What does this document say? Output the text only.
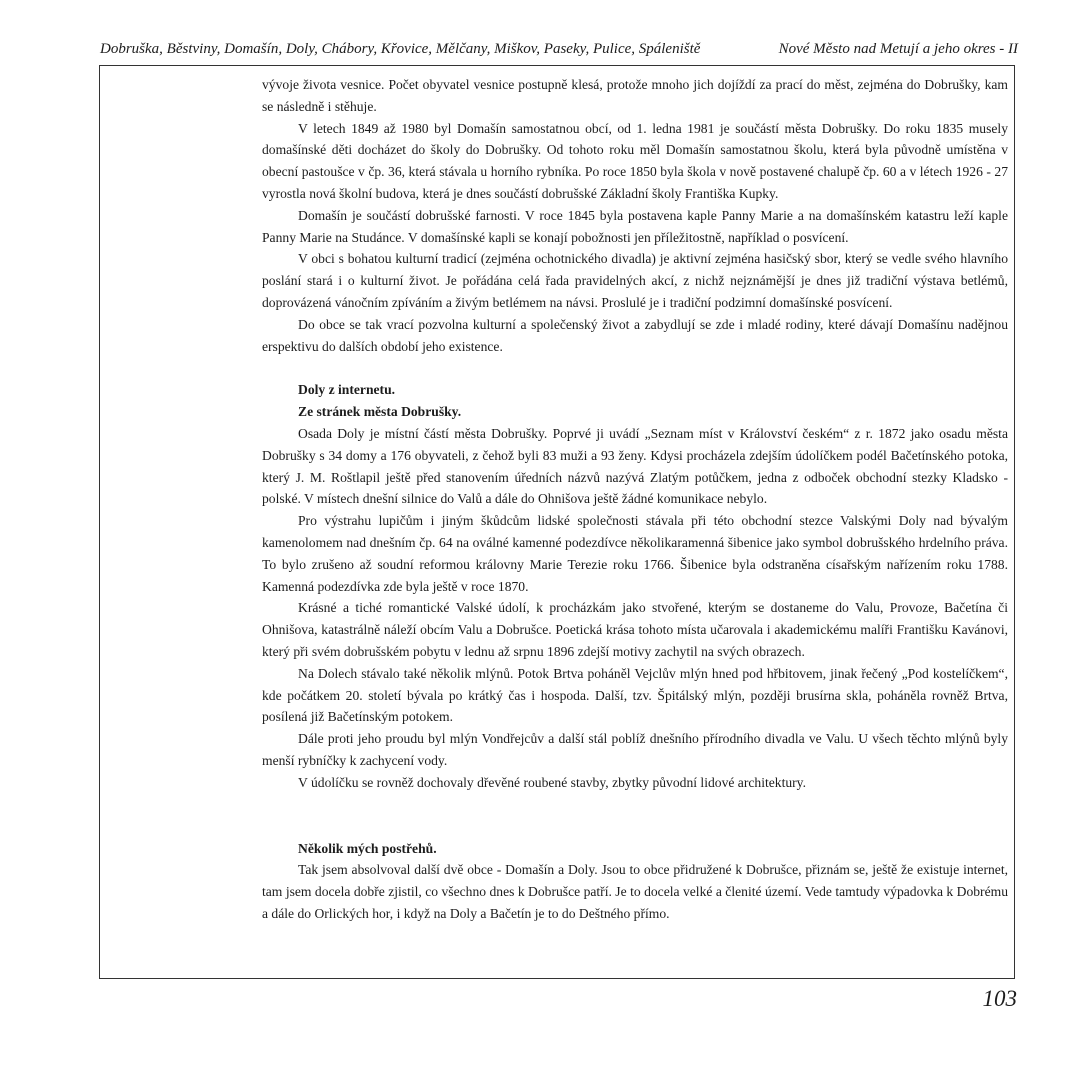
Dobruška, Běstviny, Domašín, Doly, Chábory, Křovice, Mělčany, Miškov, Paseky, Pulice, Spáleniště	Nové Město nad Metují a jeho okres - II

vývoje života vesnice. Počet obyvatel vesnice postupně klesá, protože mnoho jich dojíždí za prací do měst, zejména do Dobrušky, kam se následně i stěhuje.

V letech 1849 až 1980 byl Domašín samostatnou obcí, od 1. ledna 1981 je součástí města Dobrušky. Do roku 1835 musely domašínské děti docházet do školy do Dobrušky. Od tohoto roku měl Domašín samostatnou školu, která byla původně umístěna v obecní pastoušce v čp. 36, která stávala u horního rybníka. Po roce 1850 byla škola v nově postavené chalupě čp. 60 a v létech 1926 - 27 vyrostla nová školní budova, která je dnes součástí dobrušské Základní školy Františka Kupky.

Domašín je součástí dobrušské farnosti. V roce 1845 byla postavena kaple Panny Marie a na domašínském katastru leží kaple Panny Marie na Studánce. V domašínské kapli se konají pobožnosti jen příležitostně, například o posvícení.

V obci s bohatou kulturní tradicí (zejména ochotnického divadla) je aktivní zejména hasičský sbor, který se vedle svého hlavního poslání stará i o kulturní život. Je pořádána celá řada pravidelných akcí, z nichž nejznámější je dnes již tradiční výstava betlémů, doprovázená vánočním zpíváním a živým betlémem na návsi. Proslulé je i tradiční podzimní domašínské posvícení.

Do obce se tak vrací pozvolna kulturní a společenský život a zabydlují se zde i mladé rodiny, které dávají Domašínu nadějnou erspektivu do dalších období jeho existence.

Doly z internetu.
Ze stránek města Dobrušky.

Osada Doly je místní částí města Dobrušky. Poprvé ji uvádí „Seznam míst v Království českém“ z r. 1872 jako osadu města Dobrušky s 34 domy a 176 obyvateli, z čehož byli 83 muži a 93 ženy. Kdysi procházela zdejším údolíčkem podél Bačetínského potoka, který J. M. Roštlapil ještě před stanovením úředních názvů nazývá Zlatým potůčkem, jedna z odboček obchodní stezky Kladsko - polské. V místech dnešní silnice do Valů a dále do Ohnišova ještě žádné komunikace nebylo.

Pro výstrahu lupičům i jiným škůdcům lidské společnosti stávala při této obchodní stezce Valskými Doly nad bývalým kamenolomem nad dnešním čp. 64 na oválné kamenné podezdívce několikaramenná šibenice jako symbol dobrušského hrdelního práva. To bylo zrušeno až soudní reformou královny Marie Terezie roku 1766. Šibenice byla odstraněna císařským nařízením roku 1788. Kamenná podezdívka zde byla ještě v roce 1870.

Krásné a tiché romantické Valské údolí, k procházkám jako stvořené, kterým se dostaneme do Valu, Provoze, Bačetína či Ohnišova, katastrálně náleží obcím Valu a Dobrušce. Poetická krása tohoto místa učarovala i akademickému malíři Františku Kavánovi, který při svém dobrušském pobytu v lednu až srpnu 1896 zdejší motivy zachytil na svých obrazech.

Na Dolech stávalo také několik mlýnů. Potok Brtva poháněl Vejclův mlýn hned pod hřbitovem, jinak řečený „Pod kostelíčkem“, kde počátkem 20. století bývala po krátký čas i hospoda. Další, tzv. Špitálský mlýn, později brusírna skla, poháněla rovněž Brtva, posílená již Bačetínským potokem.

Dále proti jeho proudu byl mlýn Vondřejcův a další stál poblíž dnešního přírodního divadla ve Valu. U všech těchto mlýnů byly menší rybníčky k zachycení vody.

V údolíčku se rovněž dochovaly dřevěné roubené stavby, zbytky původní lidové architektury.

Několik mých postřehů.

Tak jsem absolvoval další dvě obce - Domašín a Doly. Jsou to obce přidružené k Dobrušce, přiznám se, ještě že existuje internet, tam jsem docela dobře zjistil, co všechno dnes k Dobrušce patří. Je to docela velké a členité území. Vede tamtudy výpadovka k Dobrému a dále do Orlických hor, i když na Doly a Bačetín je to do Deštného přímo.

103
